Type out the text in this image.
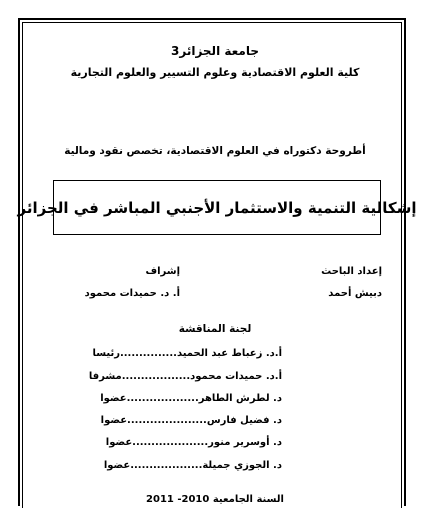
جامعة الجزائر3
كلية العلوم الاقتصادية وعلوم التسيير والعلوم التجارية
أطروحة دكتوراه في العلوم الاقتصادية، تخصص نقود ومالية
إشكالية التنمية والاستثمار الأجنبي المباشر في الجزائر
إعداد الباحث
دبيش أحمد
إشراف
أ. د. حميدات محمود
لجنة المناقشة
أ.د. زعباط عبد الحميد...............رئيسا
أ.د. حميدات محمود..................مشرفا
د. لطرش الطاهر...................عضوا
د. فضيل فارس.....................عضوا
د. أوسرير منور....................عضوا
د. الجوزي جميلة...................عضوا
السنة الجامعية 2010- 2011
